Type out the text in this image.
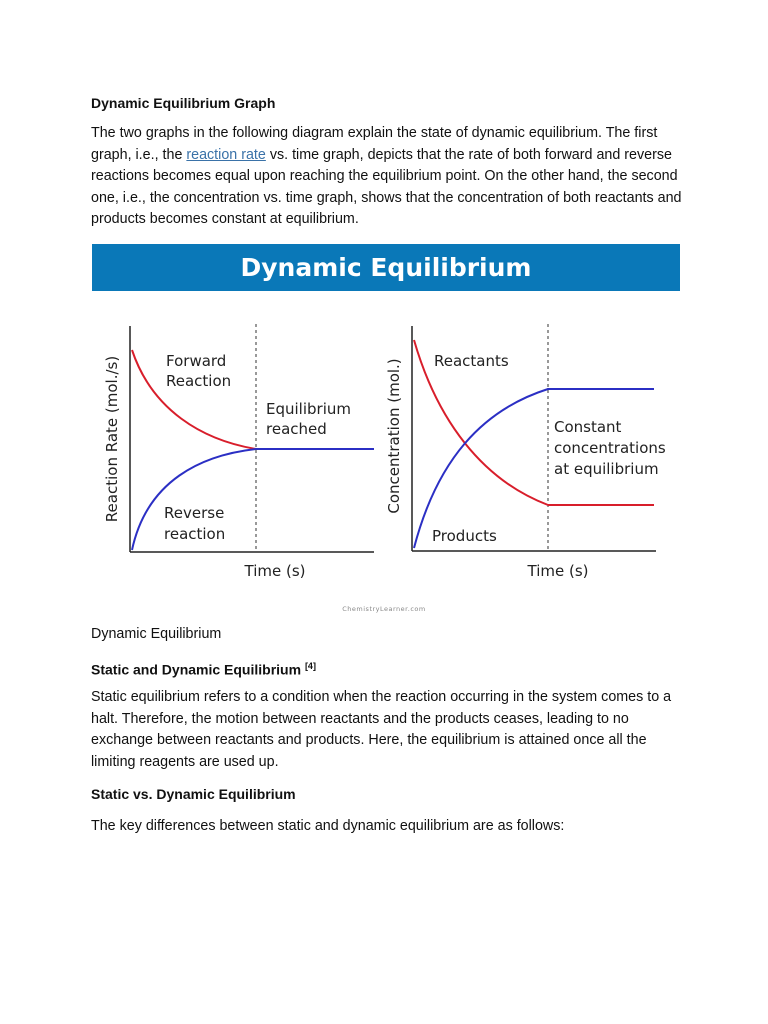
Dynamic Equilibrium Graph

The two graphs in the following diagram explain the state of dynamic equilibrium. The first graph, i.e., the reaction rate vs. time graph, depicts that the rate of both forward and reverse reactions becomes equal upon reaching the equilibrium point. On the other hand, the second one, i.e., the concentration vs. time graph, shows that the concentration of both reactants and products becomes constant at equilibrium.

Dynamic Equilibrium
Forward
Reaction
Equilibrium
reached
Reverse
reaction
Time (s)
Reaction Rate (mol./s)	Reactants
Constant
concentrations
at equilibrium
Products
Time (s)
Concentration (mol.)
ChemistryLearner.com

Dynamic Equilibrium

Static and Dynamic Equilibrium [4]

Static equilibrium refers to a condition when the reaction occurring in the system comes to a halt. Therefore, the motion between reactants and the products ceases, leading to no exchange between reactants and products. Here, the equilibrium is attained once all the limiting reagents are used up.

Static vs. Dynamic Equilibrium

The key differences between static and dynamic equilibrium are as follows:
